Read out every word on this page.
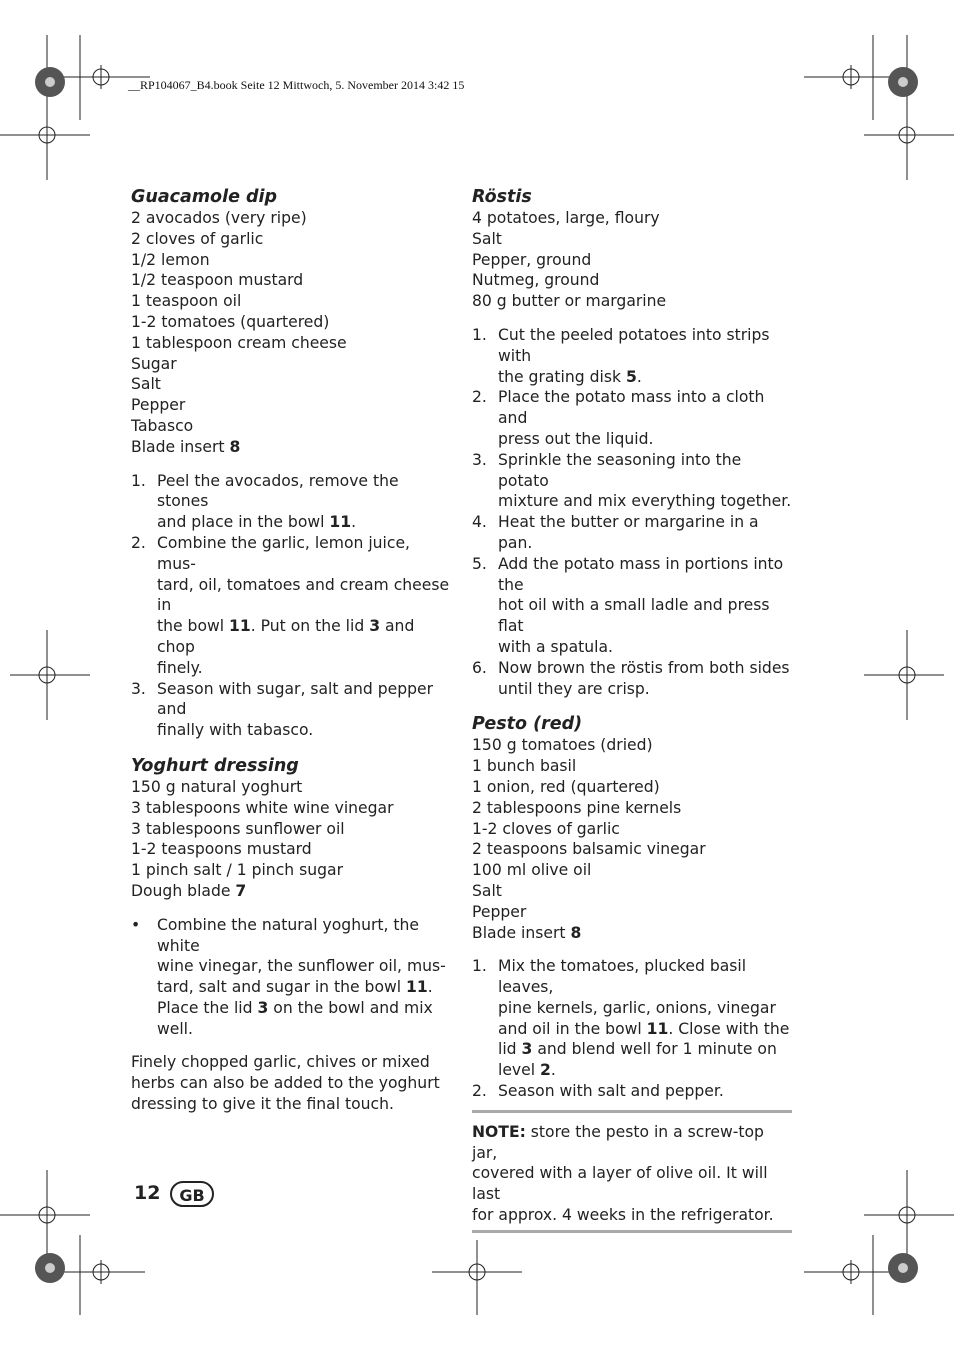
__RP104067_B4.book Seite 12 Mittwoch, 5. November 2014 3:42 15
Guacamole dip
2 avocados (very ripe)
2 cloves of garlic
1/2 lemon
1/2 teaspoon mustard
1 teaspoon oil
1-2 tomatoes (quartered)
1 tablespoon cream cheese
Sugar
Salt
Pepper
Tabasco
Blade insert 8
1. Peel the avocados, remove the stones
and place in the bowl 11.
2. Combine the garlic, lemon juice, mus-
tard, oil, tomatoes and cream cheese in
the bowl 11. Put on the lid 3 and chop
finely.
3. Season with sugar, salt and pepper and
finally with tabasco.
Yoghurt dressing
150 g natural yoghurt
3 tablespoons white wine vinegar
3 tablespoons sunflower oil
1-2 teaspoons mustard
1 pinch salt / 1 pinch sugar
Dough blade 7
•	Combine the natural yoghurt, the white
wine vinegar, the sunflower oil, mus-
tard, salt and sugar in the bowl 11.
Place the lid 3 on the bowl and mix
well.
Finely chopped garlic, chives or mixed
herbs can also be added to the yoghurt
dressing to give it the final touch.
Röstis
4 potatoes, large, floury
Salt
Pepper, ground
Nutmeg, ground
80 g butter or margarine
1. Cut the peeled potatoes into strips with
the grating disk 5.
2. Place the potato mass into a cloth and
press out the liquid.
3. Sprinkle the seasoning into the potato
mixture and mix everything together.
4. Heat the butter or margarine in a pan.
5. Add the potato mass in portions into the
hot oil with a small ladle and press flat
with a spatula.
6. Now brown the röstis from both sides
until they are crisp.
Pesto (red)
150 g tomatoes (dried)
1 bunch basil
1 onion, red (quartered)
2 tablespoons pine kernels
1-2 cloves of garlic
2 teaspoons balsamic vinegar
100 ml olive oil
Salt
Pepper
Blade insert 8
1. Mix the tomatoes, plucked basil leaves,
pine kernels, garlic, onions, vinegar
and oil in the bowl 11. Close with the
lid 3 and blend well for 1 minute on
level 2.
2. Season with salt and pepper.
NOTE: store the pesto in a screw-top jar,
covered with a layer of olive oil. It will last
for approx. 4 weeks in the refrigerator.
12	GB
